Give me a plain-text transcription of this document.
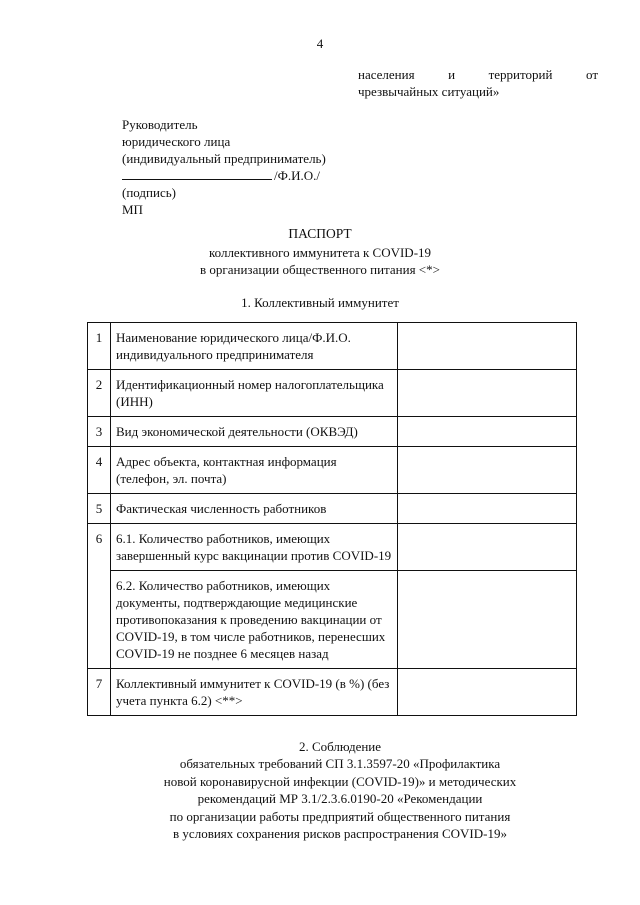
4
населения	и	территорий	от
чрезвычайных ситуаций»
Руководитель
юридического лица
(индивидуальный предприниматель)
/Ф.И.О./
(подпись)
МП
ПАСПОРТ
коллективного иммунитета к COVID-19
в организации общественного питания <*>
1. Коллективный иммунитет
1	Наименование юридического лица/Ф.И.О. индивидуального предпринимателя	
2	Идентификационный номер налогоплательщика (ИНН)	
3	Вид экономической деятельности (ОКВЭД)	
4	Адрес объекта, контактная информация (телефон, эл. почта)	
5	Фактическая численность работников	
6	6.1. Количество работников, имеющих завершенный курс вакцинации против COVID-19	
	6.2. Количество работников, имеющих документы, подтверждающие медицинские противопоказания к проведению вакцинации от COVID-19, в том числе работников, перенесших COVID-19 не позднее 6 месяцев назад	
7	Коллективный иммунитет к COVID-19 (в %) (без учета пункта 6.2) <**>	
2. Соблюдение
обязательных требований СП 3.1.3597-20 «Профилактика
новой коронавирусной инфекции (COVID-19)» и методических
рекомендаций МР 3.1/2.3.6.0190-20 «Рекомендации
по организации работы предприятий общественного питания
в условиях сохранения рисков распространения COVID-19»
